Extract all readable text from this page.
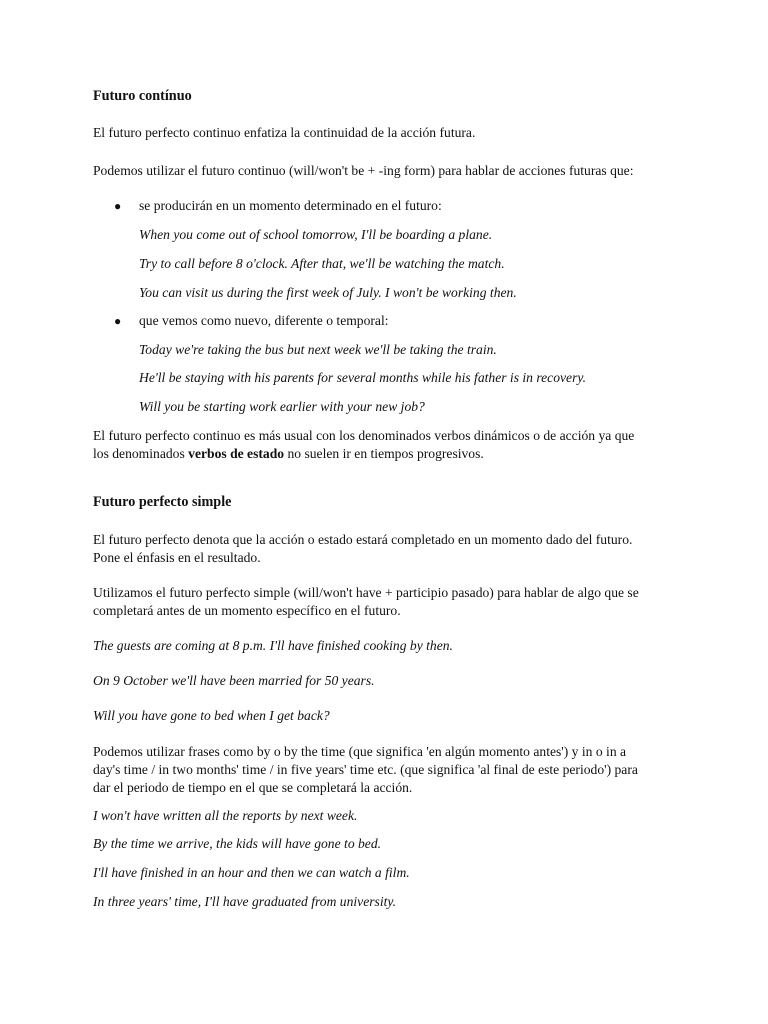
Futuro contínuo

El futuro perfecto continuo enfatiza la continuidad de la acción futura.

Podemos utilizar el futuro continuo (will/won't be + -ing form) para hablar de acciones futuras que:

● se producirán en un momento determinado en el futuro:

When you come out of school tomorrow, I'll be boarding a plane.

Try to call before 8 o'clock. After that, we'll be watching the match.

You can visit us during the first week of July. I won't be working then.

● que vemos como nuevo, diferente o temporal:

Today we're taking the bus but next week we'll be taking the train.

He'll be staying with his parents for several months while his father is in recovery.

Will you be starting work earlier with your new job?

El futuro perfecto continuo es más usual con los denominados verbos dinámicos o de acción ya que
los denominados verbos de estado no suelen ir en tiempos progresivos.

Futuro perfecto simple

El futuro perfecto denota que la acción o estado estará completado en un momento dado del futuro.
Pone el énfasis en el resultado.

Utilizamos el futuro perfecto simple (will/won't have + participio pasado) para hablar de algo que se
completará antes de un momento específico en el futuro.

The guests are coming at 8 p.m. I'll have finished cooking by then.

On 9 October we'll have been married for 50 years.

Will you have gone to bed when I get back?

Podemos utilizar frases como by o by the time (que significa 'en algún momento antes') y in o in a
day's time / in two months' time / in five years' time etc. (que significa 'al final de este periodo') para
dar el periodo de tiempo en el que se completará la acción.

I won't have written all the reports by next week.

By the time we arrive, the kids will have gone to bed.

I'll have finished in an hour and then we can watch a film.

In three years' time, I'll have graduated from university.
